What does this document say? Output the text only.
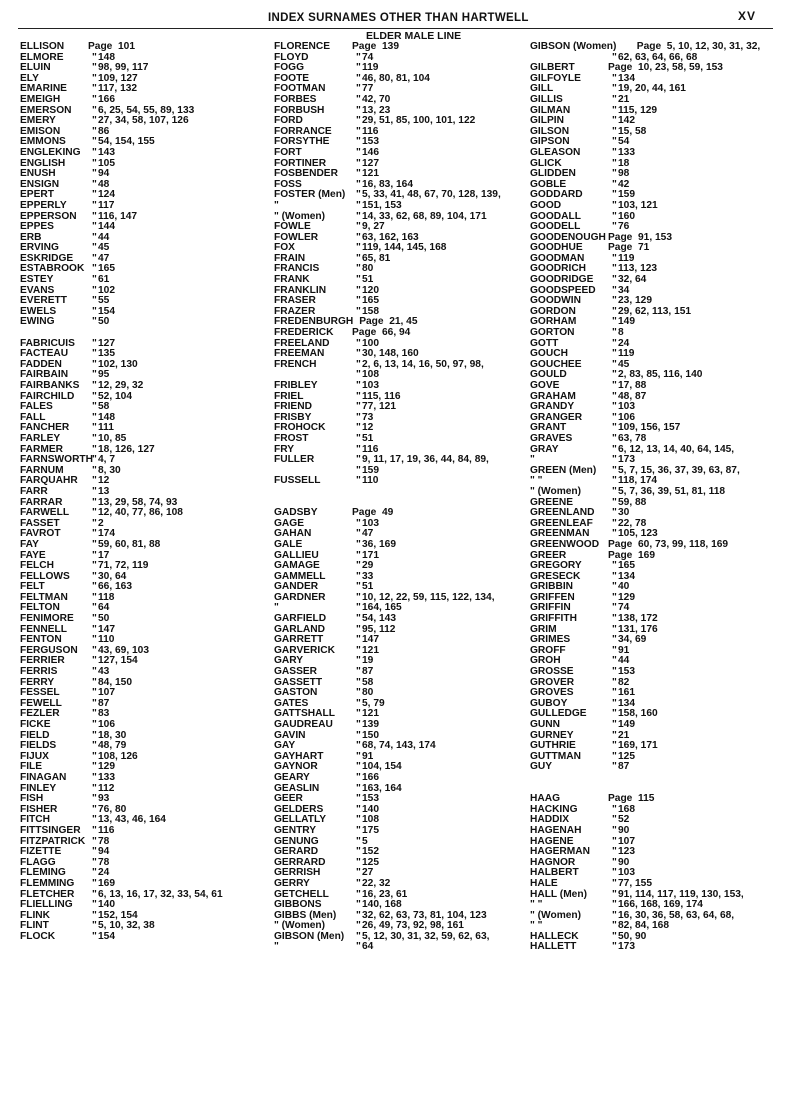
INDEX SURNAMES OTHER THAN HARTWELL	XV
ELDER MALE LINE
ELLISON Page 101
ELMORE	" 148
ELUIN	" 98, 99, 117
ELY	" 109, 127
EMARINE " 117, 132
EMEIGH	" 166
EMERSON " 6, 25, 54, 55, 89, 133
EMERY	" 27, 34, 58, 107, 126
EMISON	" 86
EMMONS	" 54, 154, 155
ENGLEKING " 143
ENGLISH	" 105
ENUSH	" 94
ENSIGN	" 48
EPERT	" 124
EPPERLY " 117
EPPERSON " 116, 147
EPPES	" 144
ERB	" 44
ERVING	" 45
ESKRIDGE " 47
ESTABROOK " 165
ESTEY	" 61
EVANS	" 102
EVERETT " 55
EWELS	" 154
EWING	" 50
FABRICUIS " 127
FACTEAU " 135
FADDEN	" 102, 130
FAIRBAIN " 95
FAIRBANKS " 12, 29, 32
FAIRCHILD " 52, 104
FALES	" 58
FALL	" 148
FANCHER " 111
FARLEY	" 10, 85
FARMER	" 18, 126, 127
FARNSWORTH
" 4, 7
FARNUM	" 8, 30
FARQUAHR " 12
FARR	" 13
FARRAR	" 13, 29, 58, 74, 93
FARWELL " 12, 40, 77, 86, 108
FASSET	" 2
FAVROT	" 174
FAY	" 59, 60, 81, 88
FAYE	" 17
FELCH	" 71, 72, 119
FELLOWS " 30, 64
FELT	" 66, 163
FELTMAN " 118
FELTON	" 64
FENIMORE " 50
FENNELL " 147
FENTON	" 110
FERGUSON " 43, 69, 103
FERRIER	" 127, 154
FERRIS	" 43
FERRY	" 84, 150
FESSEL	" 107
FEWELL	" 87
FEZLER	" 83
FICKE	" 106
FIELD	" 18, 30
FIELDS	" 48, 79
FIJUX	" 108, 126
FILE	" 129
FINAGAN	" 133
FINLEY	" 112
FISH	" 93
FISHER	" 76, 80
FITCH	" 13, 43, 46, 164
FITTSINGER " 116
FITZPATRICK " 78
FIZETTE	" 94
FLAGG	" 78
FLEMING	" 24
FLEMMING " 169
FLETCHER " 6, 13, 16, 17, 32, 33, 54, 61
FLIELLING " 140
FLINK	" 152, 154
FLINT	" 5, 10, 32, 38
FLOCK	" 154
FLORENCE Page 139
FLOYD	" 74
FOGG	" 119
FOOTE	" 46, 80, 81, 104
FOOTMAN	" 77
FORBES	" 42, 70
FORBUSH	" 13, 23
FORD	" 29, 51, 85, 100, 101, 122
FORRANCE " 116
FORSYTHE	" 153
FORT	" 146
FORTINER	" 127
FOSBENDER " 121
FOSS	" 16, 83, 164
FOSTER (Men) " 5, 33, 41, 48, 67, 70, 128, 139,
"	" 151, 153
" (Women)	" 14, 33, 62, 68, 89, 104, 171
FOWLE	" 9, 27
FOWLER	" 63, 162, 163
FOX	" 119, 144, 145, 168
FRAIN	" 65, 81
FRANCIS	" 80
FRANK	" 51
FRANKLIN	" 120
FRASER	" 165
FRAZER	" 158
FREDENBURGH Page 21, 45
FREDERICK Page 66, 94
FREELAND	" 100
FREEMAN	" 30, 148, 160
FRENCH	" 2, 6, 13, 14, 16, 50, 97, 98,
" 108
FRIBLEY	" 103
FRIEL	" 115, 116
FRIEND	" 77, 121
FRISBY	" 73
FROHOCK	" 12
FROST	" 51
FRY	" 116
FULLER	" 9, 11, 17, 19, 36, 44, 84, 89,
" 159
FUSSELL	" 110
GADSBY	Page 49
GAGE	" 103
GAHAN	" 47
GALE	" 36, 169
GALLIEU	" 171
GAMAGE	" 29
GAMMELL	" 33
GANDER	" 51
GARDNER	" 10, 12, 22, 59, 115, 122, 134,
"	" 164, 165
GARFIELD	" 54, 143
GARLAND	" 95, 112
GARRETT	" 147
GARVERICK " 121
GARY	" 19
GASSER	" 87
GASSETT	" 58
GASTON	" 80
GATES	" 5, 79
GATTSHALL " 121
GAUDREAU " 139
GAVIN	" 150
GAY	" 68, 74, 143, 174
GAYHART	" 91
GAYNOR	" 104, 154
GEARY	" 166
GEASLIN	" 163, 164
GEER	" 153
GELDERS	" 140
GELLATLY	" 108
GENTRY	" 175
GENUNG	" 5
GERARD	" 152
GERRARD	" 125
GERRISH	" 27
GERRY	" 22, 32
GETCHELL	" 16, 23, 61
GIBBONS	" 140, 168
GIBBS (Men) " 32, 62, 63, 73, 81, 104, 123
" (Women)	" 26, 49, 73, 92, 98, 161
GIBSON (Men) " 5, 12, 30, 31, 32, 59, 62, 63,
"	" 64
GIBSON (Women) Page 5, 10, 12, 30, 31, 32,
" 62, 63, 64, 66, 68
GILBERT	Page 10, 23, 58, 59, 153
GILFOYLE	" 134
GILL	" 19, 20, 44, 161
GILLIS	" 21
GILMAN	" 115, 129
GILPIN	" 142
GILSON	" 15, 58
GIPSON	" 54
GLEASON	" 133
GLICK	" 18
GLIDDEN	" 98
GOBLE	" 42
GODDARD	" 159
GOOD	" 103, 121
GOODALL	" 160
GOODELL	" 76
GOODENOUGH Page 91, 153
GOODHUE Page 71
GOODMAN	" 119
GOODRICH	" 113, 123
GOODRIDGE " 32, 64
GOODSPEED " 34
GOODWIN	" 23, 129
GORDON	" 29, 62, 113, 151
GORHAM	" 149
GORTON	" 8
GOTT	" 24
GOUCH	" 119
GOUCHEE	" 45
GOULD	" 2, 83, 85, 116, 140
GOVE	" 17, 88
GRAHAM	" 48, 87
GRANDY	" 103
GRANGER	" 106
GRANT	" 109, 156, 157
GRAVES	" 63, 78
GRAY	" 6, 12, 13, 14, 40, 64, 145,
"	" 173
GREEN (Men) " 5, 7, 15, 36, 37, 39, 63, 87,
" "	" 118, 174
" (Women)	" 5, 7, 36, 39, 51, 81, 118
GREENE	" 59, 88
GREENLAND " 30
GREENLEAF " 22, 78
GREENMAN " 105, 123
GREENWOOD Page 60, 73, 99, 118, 169
GREER	Page 169
GREGORY	" 165
GRESECK	" 134
GRIBBIN	" 40
GRIFFEN	" 129
GRIFFIN	" 74
GRIFFITH	" 138, 172
GRIM	" 131, 176
GRIMES	" 34, 69
GROFF	" 91
GROH	" 44
GROSSE	" 153
GROVER	" 82
GROVES	" 161
GUBOY	" 134
GULLEDGE " 158, 160
GUNN	" 149
GURNEY	" 21
GUTHRIE	" 169, 171
GUTTMAN	" 125
GUY	" 87
HAAG	Page 115
HACKING	" 168
HADDIX	" 52
HAGENAH	" 90
HAGENE	" 107
HAGERMAN " 123
HAGNOR	" 90
HALBERT	" 103
HALE	" 77, 155
HALL (Men) " 91, 114, 117, 119, 130, 153,
" "	" 166, 168, 169, 174
" (Women)	" 16, 30, 36, 58, 63, 64, 68,
" "	" 82, 84, 168
HALLECK	" 50, 90
HALLETT	" 173
